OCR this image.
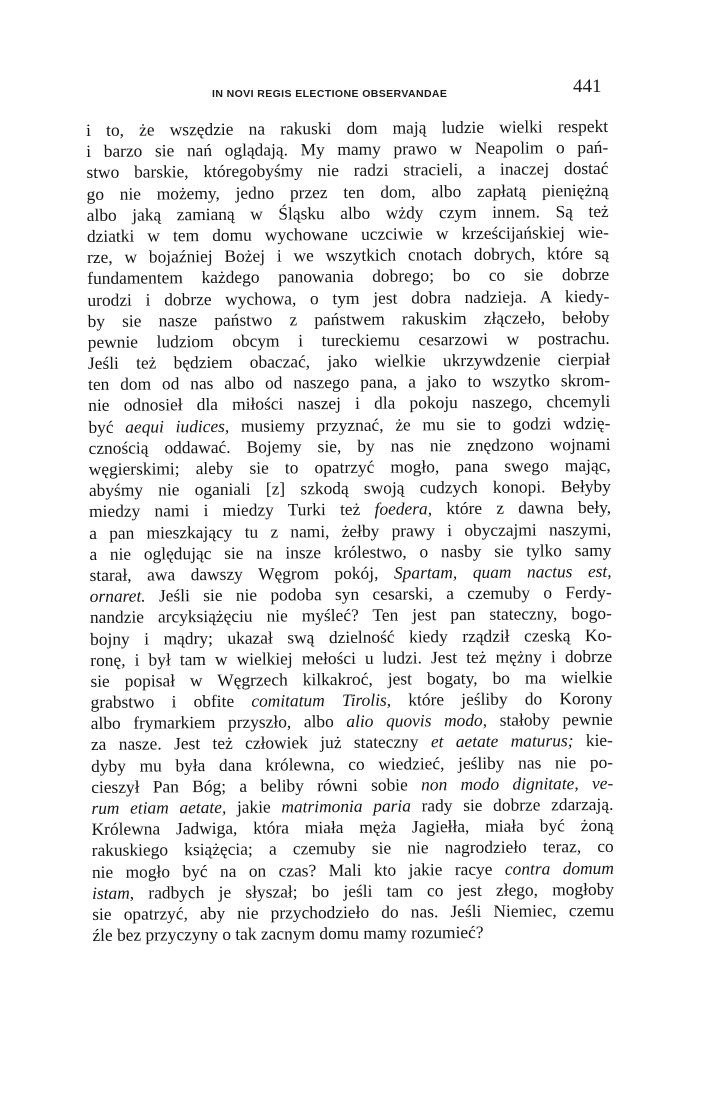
IN NOVI REGIS ELECTIONE OBSERVANDAE	441
i to, że wszędzie na rakuski dom mają ludzie wielki respekt
i barzo sie nań oglądają. My mamy prawo w Neapolim o pań-
stwo barskie, któregobyśmy nie radzi stracieli, a inaczej dostać
go nie możemy, jedno przez ten dom, albo zapłatą pieniężną
albo jaką zamianą w Śląsku albo wżdy czym innem. Są też
dziatki w tem domu wychowane uczciwie w krześcijańskiej wie-
rze, w bojaźniej Bożej i we wszytkich cnotach dobrych, które są
fundamentem każdego panowania dobrego; bo co sie dobrze
urodzi i dobrze wychowa, o tym jest dobra nadzieja. A kiedy-
by sie nasze państwo z państwem rakuskim złączeło, bełoby
pewnie ludziom obcym i tureckiemu cesarzowi w postrachu.
Jeśli też będziem obaczać, jako wielkie ukrzywdzenie cierpiał
ten dom od nas albo od naszego pana, a jako to wszytko skrom-
nie odnosieł dla miłości naszej i dla pokoju naszego, chcemyli
być aequi iudices, musiemy przyznać, że mu sie to godzi wdzię-
cznością oddawać. Bojemy sie, by nas nie znędzono wojnami
węgierskimi; aleby sie to opatrzyć mogło, pana swego mając,
abyśmy nie oganiali [z] szkodą swoją cudzych konopi. Bełyby
miedzy nami i miedzy Turki też foedera, które z dawna beły,
a pan mieszkający tu z nami, żełby prawy i obyczajmi naszymi,
a nie oględując sie na insze królestwo, o nasby sie tylko samy
starał, awa dawszy Węgrom pokój, Spartam, quam nactus est,
ornaret. Jeśli sie nie podoba syn cesarski, a czemuby o Ferdy-
nandzie arcyksiążęciu nie myśleć? Ten jest pan stateczny, bogo-
bojny i mądry; ukazał swą dzielność kiedy rządził czeską Ko-
ronę, i był tam w wielkiej mełości u ludzi. Jest też mężny i dobrze
sie popisał w Węgrzech kilkakroć, jest bogaty, bo ma wielkie
grabstwo i obfite comitatum Tirolis, które jeśliby do Korony
albo frymarkiem przyszło, albo alio quovis modo, stałoby pewnie
za nasze. Jest też człowiek już stateczny et aetate maturus; kie-
dyby mu była dana królewna, co wiedzieć, jeśliby nas nie po-
cieszył Pan Bóg; a beliby równi sobie non modo dignitate, ve-
rum etiam aetate, jakie matrimonia paria rady sie dobrze zdarzają.
Królewna Jadwiga, która miała męża Jagiełła, miała być żoną
rakuskiego książęcia; a czemuby sie nie nagrodzieło teraz, co
nie mogło być na on czas? Mali kto jakie racye contra domum
istam, radbych je słyszał; bo jeśli tam co jest złego, mogłoby
sie opatrzyć, aby nie przychodzieło do nas. Jeśli Niemiec, czemu
źle bez przyczyny o tak zacnym domu mamy rozumieć?
